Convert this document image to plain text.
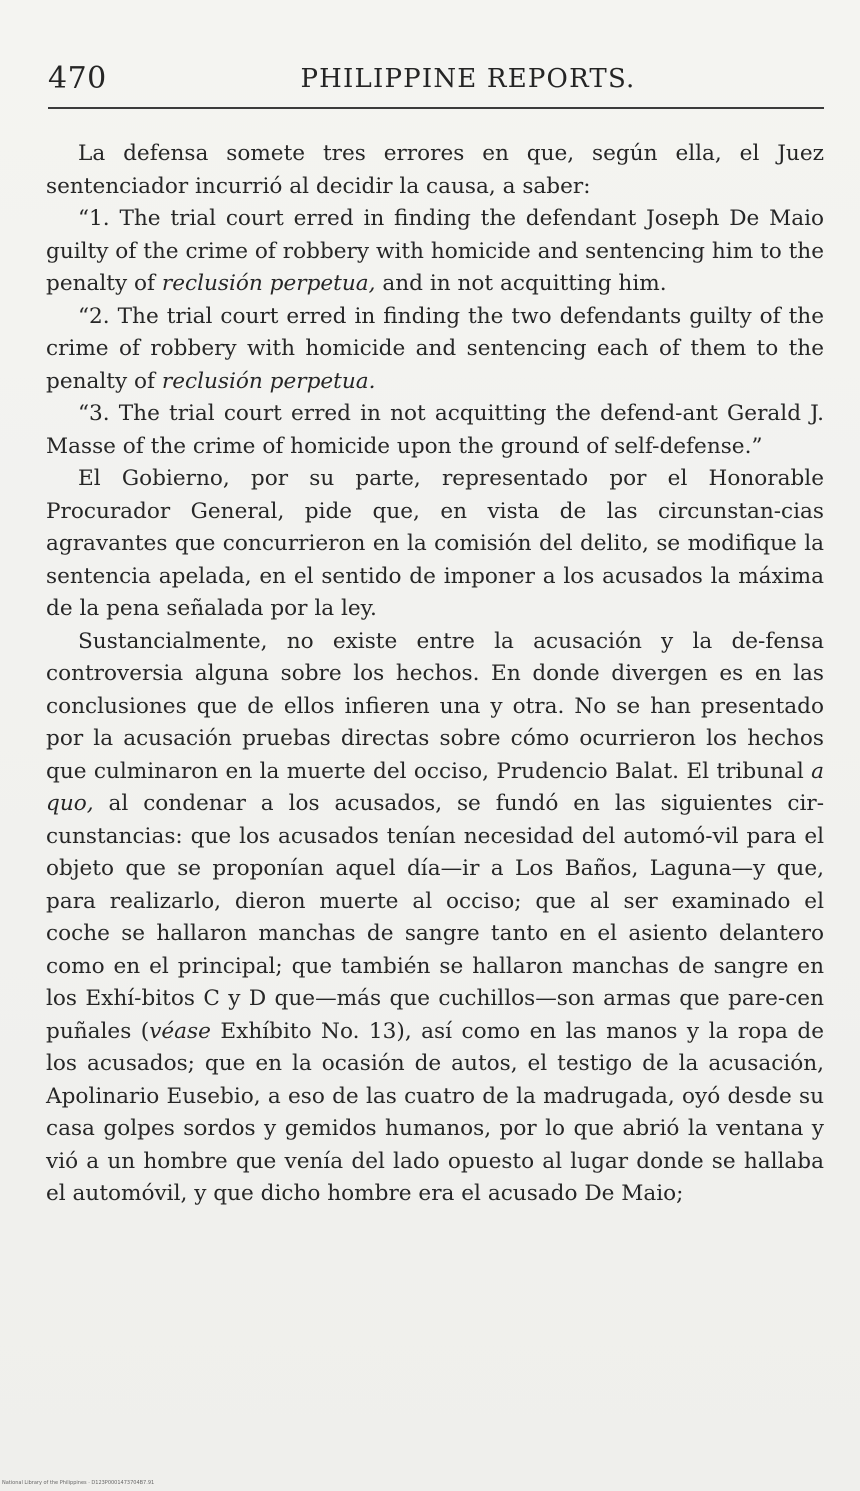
470	PHILIPPINE REPORTS.

La defensa somete tres errores en que, según ella, el Juez sentenciador incurrió al decidir la causa, a saber:

“1. The trial court erred in finding the defendant Joseph De Maio guilty of the crime of robbery with homicide and sentencing him to the penalty of reclusión perpetua, and in not acquitting him.

“2. The trial court erred in finding the two defendants guilty of the crime of robbery with homicide and sentencing each of them to the penalty of reclusión perpetua.

“3. The trial court erred in not acquitting the defend-ant Gerald J. Masse of the crime of homicide upon the ground of self-defense.”

El Gobierno, por su parte, representado por el Honorable Procurador General, pide que, en vista de las circunstan-cias agravantes que concurrieron en la comisión del delito, se modifique la sentencia apelada, en el sentido de imponer a los acusados la máxima de la pena señalada por la ley.

Sustancialmente, no existe entre la acusación y la de-fensa controversia alguna sobre los hechos. En donde divergen es en las conclusiones que de ellos infieren una y otra. No se han presentado por la acusación pruebas directas sobre cómo ocurrieron los hechos que culminaron en la muerte del occiso, Prudencio Balat. El tribunal a quo, al condenar a los acusados, se fundó en las siguientes cir-cunstancias: que los acusados tenían necesidad del automó-vil para el objeto que se proponían aquel día—ir a Los Baños, Laguna—y que, para realizarlo, dieron muerte al occiso; que al ser examinado el coche se hallaron manchas de sangre tanto en el asiento delantero como en el principal; que también se hallaron manchas de sangre en los Exhí-bitos C y D que—más que cuchillos—son armas que pare-cen puñales (véase Exhíbito No. 13), así como en las manos y la ropa de los acusados; que en la ocasión de autos, el testigo de la acusación, Apolinario Eusebio, a eso de las cuatro de la madrugada, oyó desde su casa golpes sordos y gemidos humanos, por lo que abrió la ventana y vió a un hombre que venía del lado opuesto al lugar donde se hallaba el automóvil, y que dicho hombre era el acusado De Maio;

National Library of the Philippines · D123P0001473704B7.91
